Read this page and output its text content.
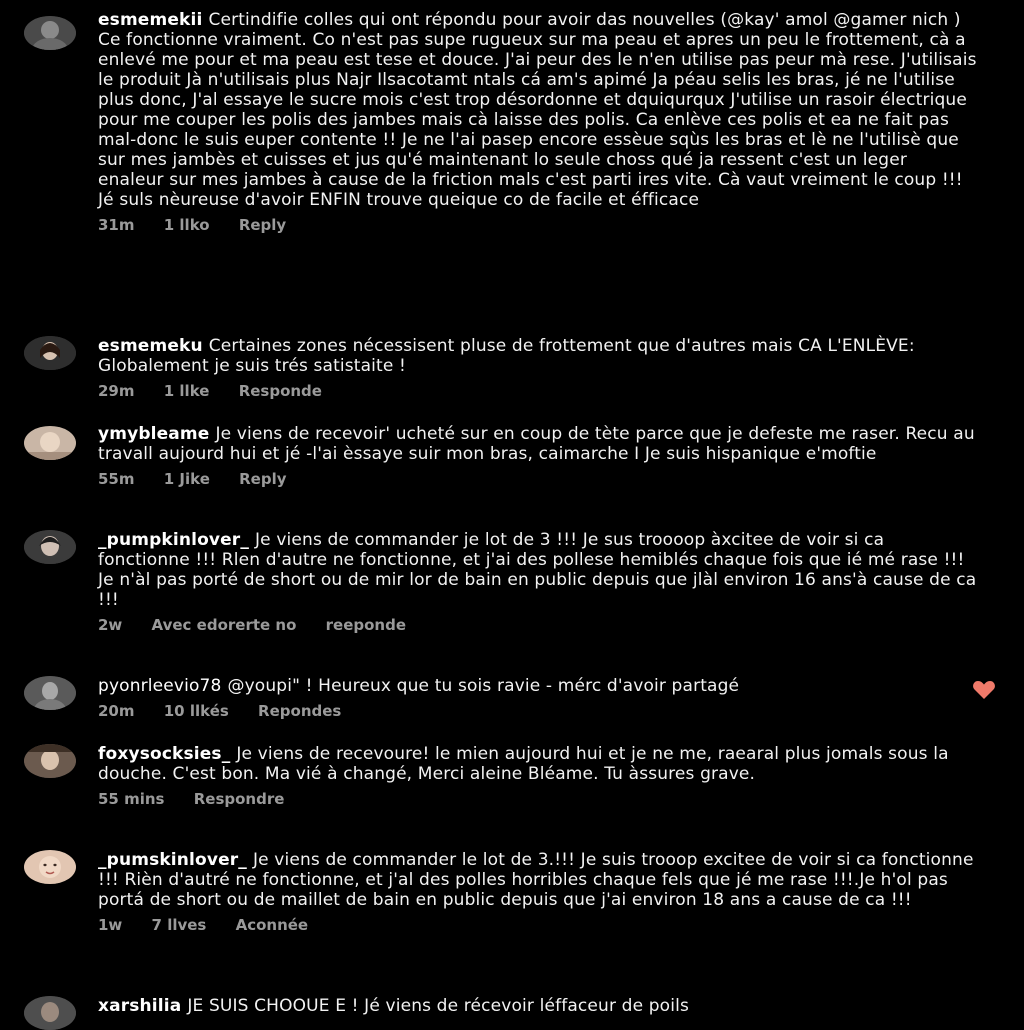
esmemekii Certindifie colles qui ont répondu pour avoir das nouvelles (@kay' amol @gamer nich ) Ce fonctionne vraiment. Co n'est pas supe rugueux sur ma peau et apres un peu le frottement, cà a enlevé me pour et ma peau est tese et douce. J'ai peur des le n'en utilise pas peur mà rese. J'utilisais le produit Jà n'utilisais plus Najr Ilsacotamt ntals cá am's apimé Ja péau selis les bras, jé ne l'utilise plus donc, J'al essaye le sucre mois c'est trop désordonne et dquiqurqux J'utilise un rasoir électrique pour me couper les polis des jambes mais cà laisse des polis. Ca enlève ces polis et ea ne fait pas mal-donc le suis euper contente !! Je ne l'ai pasep encore essèue sqùs les bras et lè ne l'utilisè que sur mes jambès et cuisses et jus qu'é maintenant lo seule choss qué ja ressent c'est un leger enaleur sur mes jambes à cause de la friction mals c'est parti ires vite. Cà vaut vreiment le coup !!! Jé suls nèureuse d'avoir ENFIN trouve queique co de facile et éfficace
31m 1 llko Reply
esmemeku Certaines zones nécessisent pluse de frottement que d'autres mais CA L'ENLÈVE: Globalement je suis trés satistaite !
29m 1 llke Responde
ymybleame Je viens de recevoir' ucheté sur en coup de tète parce que je defeste me raser. Recu au travall aujourd hui et jé -l'ai èssaye suir mon bras, caimarche I Je suis hispanique e'moftie
55m 1 Jike Reply
_pumpkinlover_ Je viens de commander je lot de 3 !!! Je sus troooop àxcitee de voir si ca fonctionne !!! Rlen d'autre ne fonctionne, et j'ai des pollese hemiblés chaque fois que ié mé rase !!! Je n'àl pas porté de short ou de mir lor de bain en public depuis que jlàl environ 16 ans'à cause de ca !!!
2w Avec edorerte no reeponde
pyonrleevio78 @youpi" ! Heureux que tu sois ravie - mérc d'avoir partagé
20m 10 llkés Repondes
foxysocksies_ Je viens de recevoure! le mien aujourd hui et je ne me, raearal plus jomals sous la douche. C'est bon. Ma vié à changé, Merci aleine Bléame. Tu àssures grave.
55 mins Respondre
_pumskinlover_ Je viens de commander le lot de 3.!!! Je suis trooop excitee de voir si ca fonctionne !!! Rièn d'autré ne fonctionne, et j'al des polles horribles chaque fels que jé me rase !!!.Je h'ol pas portá de short ou de maillet de bain en public depuis que j'ai environ 18 ans a cause de ca !!!
1w 7 llves Aconnée
xarshilia JE SUIS CHOOUE E ! Jé viens de récevoir léffaceur de poils
